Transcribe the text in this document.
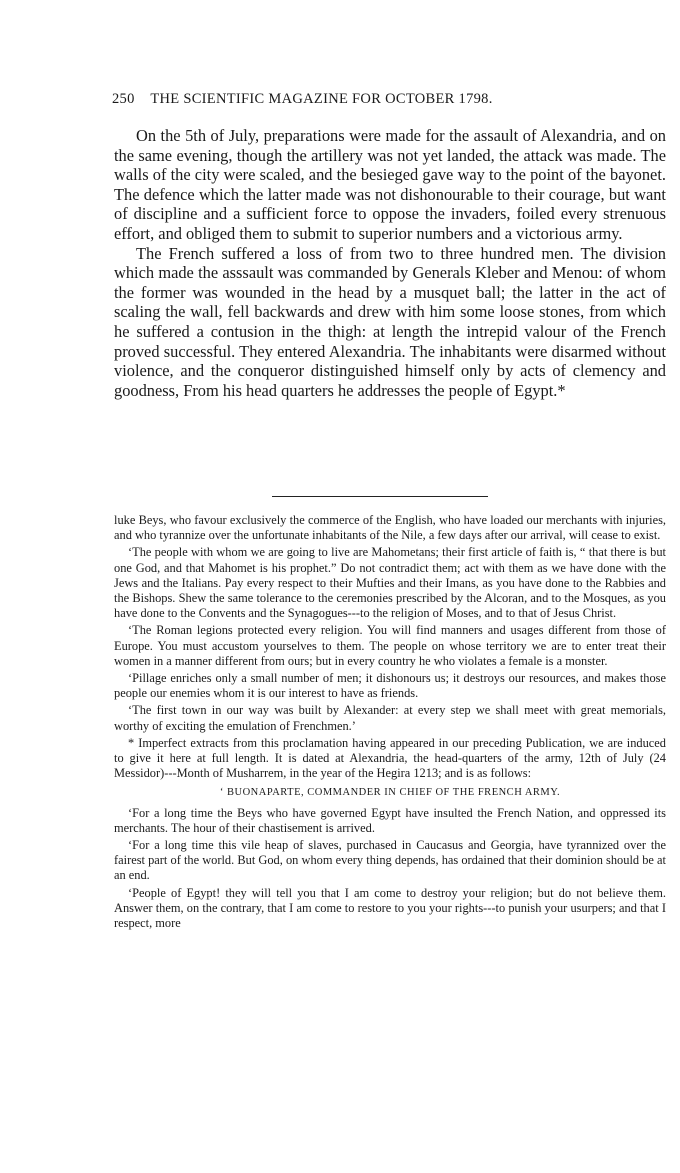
250 THE SCIENTIFIC MAGAZINE FOR OCTOBER 1798.

On the 5th of July, preparations were made for the assault of Alexandria, and on the same evening, though the artillery was not yet landed, the attack was made. The walls of the city were scaled, and the besieged gave way to the point of the bayonet. The defence which the latter made was not dishonourable to their courage, but want of discipline and a sufficient force to oppose the invaders, foiled every strenuous effort, and obliged them to submit to superior numbers and a victorious army.

The French suffered a loss of from two to three hundred men. The division which made the asssault was commanded by Generals Kleber and Menou: of whom the former was wounded in the head by a musquet ball; the latter in the act of scaling the wall, fell backwards and drew with him some loose stones, from which he suffered a contusion in the thigh: at length the intrepid valour of the French proved successful. They entered Alexandria. The inhabitants were disarmed without violence, and the conqueror distinguished himself only by acts of clemency and goodness, From his head quarters he addresses the people of Egypt.*

luke Beys, who favour exclusively the commerce of the English, who have loaded our merchants with injuries, and who tyrannize over the unfortunate inhabitants of the Nile, a few days after our arrival, will cease to exist.

‘The people with whom we are going to live are Mahometans; their first article of faith is, “ that there is but one God, and that Mahomet is his prophet.” Do not contradict them; act with them as we have done with the Jews and the Italians. Pay every respect to their Mufties and their Imans, as you have done to the Rabbies and the Bishops. Shew the same tolerance to the ceremonies prescribed by the Alcoran, and to the Mosques, as you have done to the Convents and the Synagogues---to the religion of Moses, and to that of Jesus Christ.

‘The Roman legions protected every religion. You will find manners and usages different from those of Europe. You must accustom yourselves to them. The people on whose territory we are to enter treat their women in a manner different from ours; but in every country he who violates a female is a monster.

‘Pillage enriches only a small number of men; it dishonours us; it destroys our resources, and makes those people our enemies whom it is our interest to have as friends.

‘The first town in our way was built by Alexander: at every step we shall meet with great memorials, worthy of exciting the emulation of Frenchmen.’

* Imperfect extracts from this proclamation having appeared in our preceding Publication, we are induced to give it here at full length. It is dated at Alexandria, the head-quarters of the army, 12th of July (24 Messidor)---Month of Musharrem, in the year of the Hegira 1213; and is as follows:

‘ BUONAPARTE, COMMANDER IN CHIEF OF THE FRENCH ARMY.

‘For a long time the Beys who have governed Egypt have insulted the French Nation, and oppressed its merchants. The hour of their chastisement is arrived.

‘For a long time this vile heap of slaves, purchased in Caucasus and Georgia, have tyrannized over the fairest part of the world. But God, on whom every thing depends, has ordained that their dominion should be at an end.

‘People of Egypt! they will tell you that I am come to destroy your religion; but do not believe them. Answer them, on the contrary, that I am come to restore to you your rights---to punish your usurpers; and that I respect, more
